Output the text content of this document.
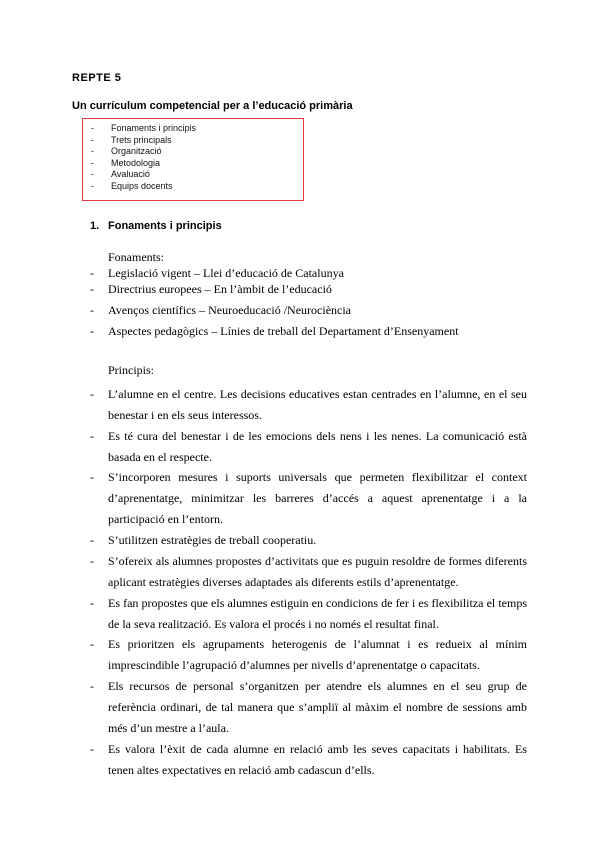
REPTE 5
Un currículum competencial per a l’educació primària
-	Fonaments i principis
-	Trets principals
-	Organització
-	Metodologia
-	Avaluació
-	Equips docents
1. Fonaments i principis
Fonaments:
- Legislació vigent – Llei d’educació de Catalunya
- Directrius europees – En l’àmbit de l’educació
- Avenços científics – Neuroeducació /Neurociència
- Aspectes pedagògics – Línies de treball del Departament d’Ensenyament
Principis:
- L’alumne en el centre. Les decisions educatives estan centrades en l’alumne, en el seu benestar i en els seus interessos.
- Es té cura del benestar i de les emocions dels nens i les nenes. La comunicació està basada en el respecte.
- S’incorporen mesures i suports universals que permeten flexibilitzar el context d’aprenentatge, minimitzar les barreres d’accés a aquest aprenentatge i a la participació en l’entorn.
- S’utilitzen estratègies de treball cooperatiu.
- S’ofereix als alumnes propostes d’activitats que es puguin resoldre de formes diferents aplicant estratègies diverses adaptades als diferents estils d’aprenentatge.
- Es fan propostes que els alumnes estiguin en condicions de fer i es flexibilitza el temps de la seva realització. Es valora el procés i no només el resultat final.
- Es prioritzen els agrupaments heterogenis de l’alumnat i es redueix al mínim imprescindible l’agrupació d’alumnes per nivells d’aprenentatge o capacitats.
- Els recursos de personal s’organitzen per atendre els alumnes en el seu grup de referència ordinari, de tal manera que s’ampliï al màxim el nombre de sessions amb més d’un mestre a l’aula.
- Es valora l’èxit de cada alumne en relació amb les seves capacitats i habilitats. Es tenen altes expectatives en relació amb cadascun d’ells.
